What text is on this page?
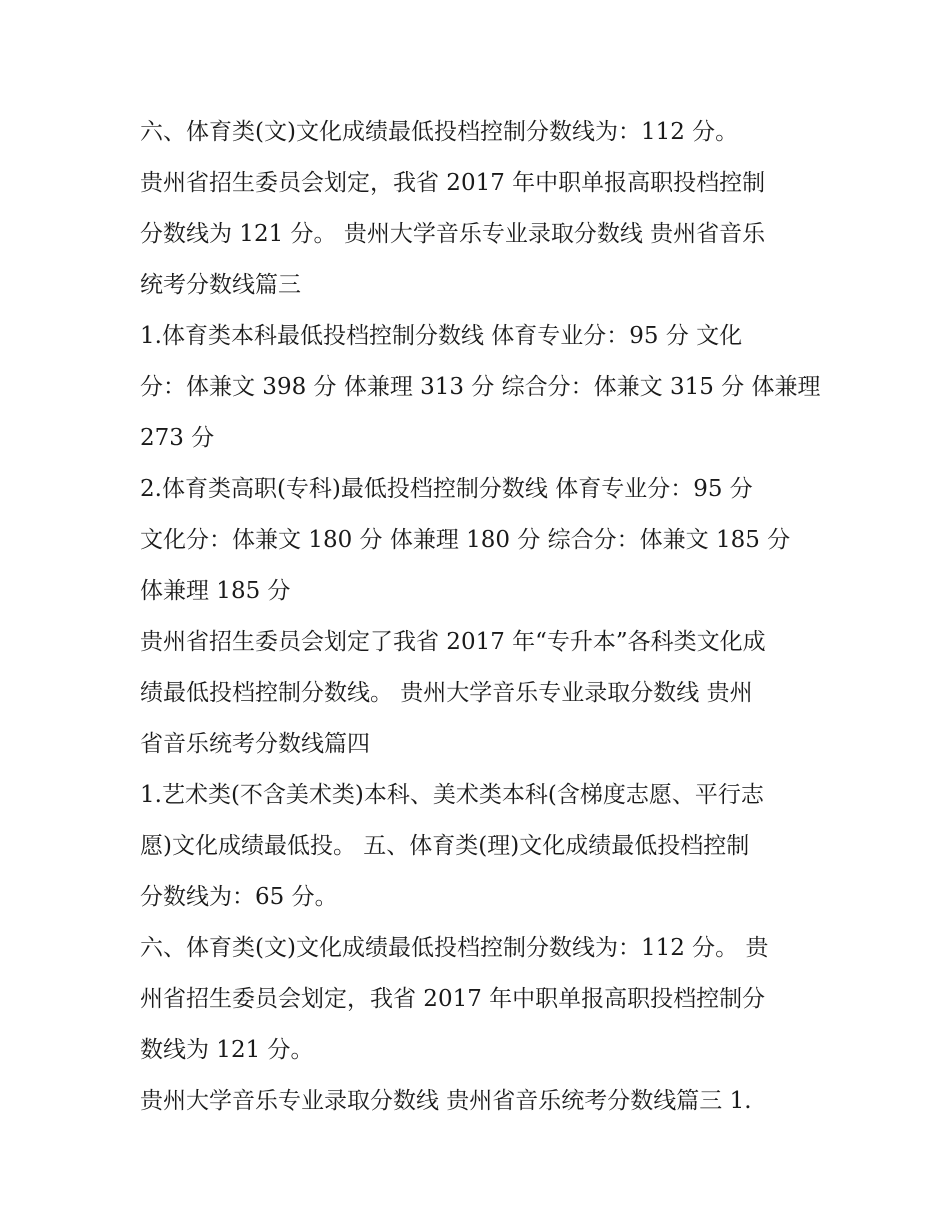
六、体育类(文)文化成绩最低投档控制分数线为：112 分。

贵州省招生委员会划定，我省 2017 年中职单报高职投档控制

分数线为 121 分。 贵州大学音乐专业录取分数线 贵州省音乐

统考分数线篇三

1.体育类本科最低投档控制分数线 体育专业分：95 分 文化

分：体兼文 398 分 体兼理 313 分 综合分：体兼文 315 分 体兼理

273 分

2.体育类高职(专科)最低投档控制分数线 体育专业分：95 分

文化分：体兼文 180 分 体兼理 180 分 综合分：体兼文 185 分

体兼理 185 分

贵州省招生委员会划定了我省 2017 年“专升本”各科类文化成

绩最低投档控制分数线。 贵州大学音乐专业录取分数线 贵州

省音乐统考分数线篇四

1.艺术类(不含美术类)本科、美术类本科(含梯度志愿、平行志

愿)文化成绩最低投。 五、体育类(理)文化成绩最低投档控制

分数线为：65 分。

六、体育类(文)文化成绩最低投档控制分数线为：112 分。 贵

州省招生委员会划定，我省 2017 年中职单报高职投档控制分

数线为 121 分。

贵州大学音乐专业录取分数线 贵州省音乐统考分数线篇三 1.
